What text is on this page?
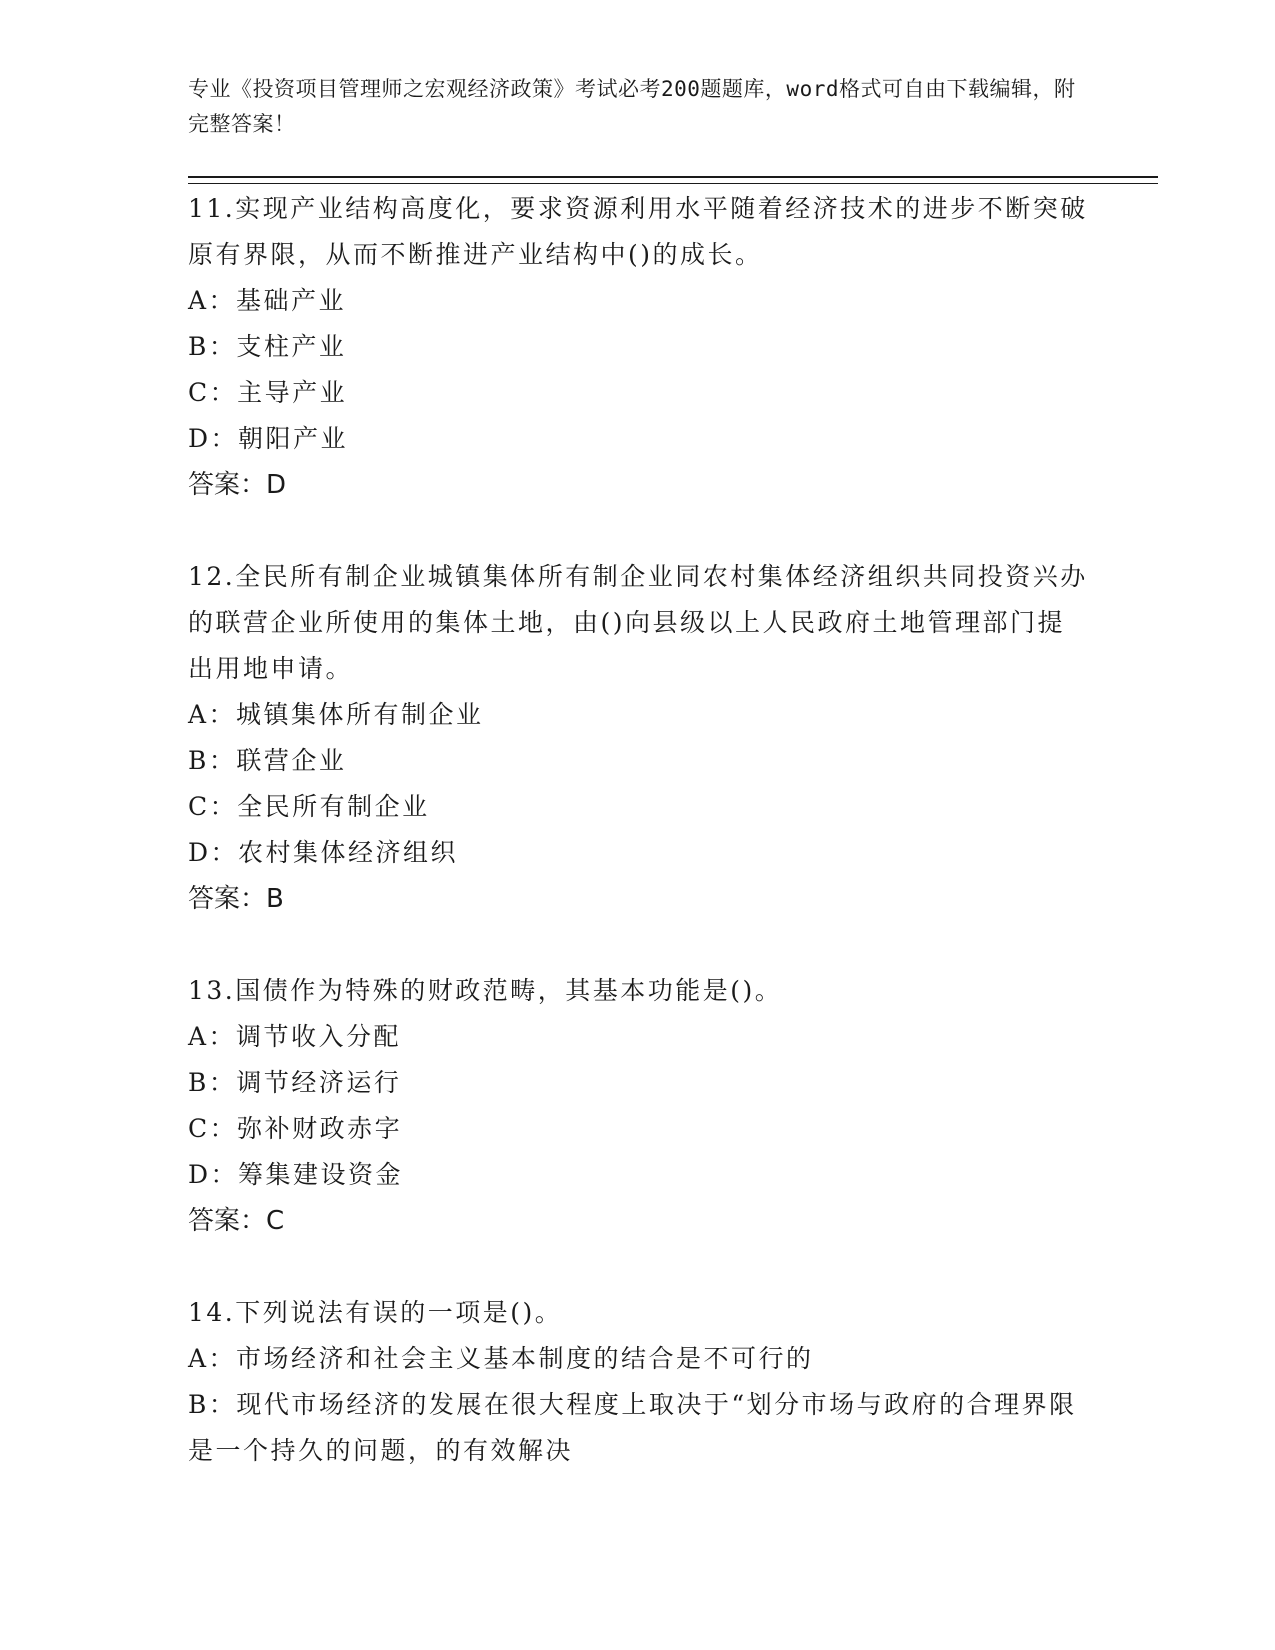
专业《投资项目管理师之宏观经济政策》考试必考200题题库，word格式可自由下载编辑，附完整答案！
11.实现产业结构高度化，要求资源利用水平随着经济技术的进步不断突破原有界限，从而不断推进产业结构中()的成长。
A：基础产业
B：支柱产业
C：主导产业
D：朝阳产业
答案：D
12.全民所有制企业城镇集体所有制企业同农村集体经济组织共同投资兴办的联营企业所使用的集体土地，由()向县级以上人民政府土地管理部门提出用地申请。
A：城镇集体所有制企业
B：联营企业
C：全民所有制企业
D：农村集体经济组织
答案：B
13.国债作为特殊的财政范畴，其基本功能是()。
A：调节收入分配
B：调节经济运行
C：弥补财政赤字
D：筹集建设资金
答案：C
14.下列说法有误的一项是()。
A：市场经济和社会主义基本制度的结合是不可行的
B：现代市场经济的发展在很大程度上取决于“划分市场与政府的合理界限是一个持久的问题，的有效解决
